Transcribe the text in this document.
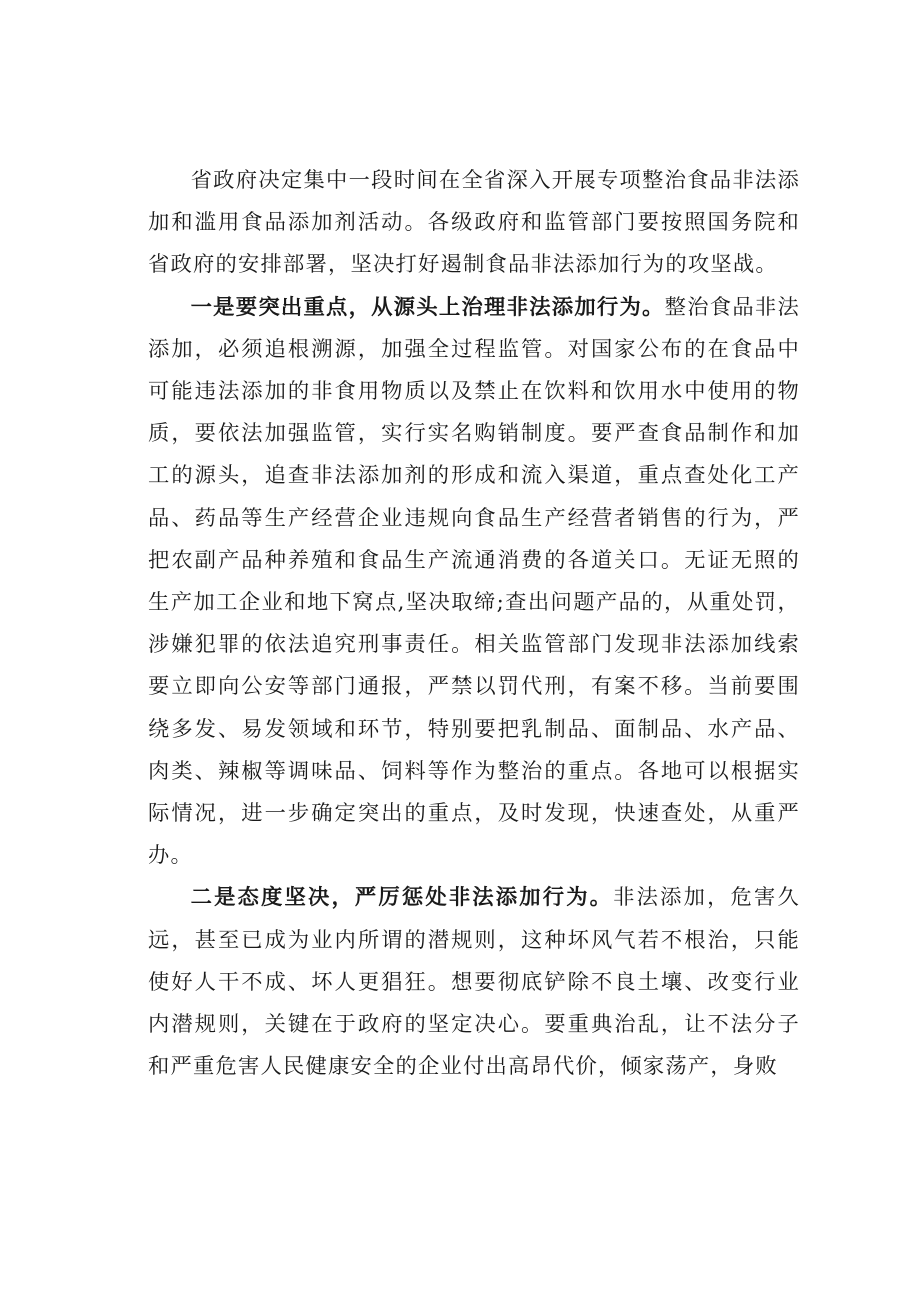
省政府决定集中一段时间在全省深入开展专项整治食品非法添加和滥用食品添加剂活动。各级政府和监管部门要按照国务院和省政府的安排部署，坚决打好遏制食品非法添加行为的攻坚战。

一是要突出重点，从源头上治理非法添加行为。整治食品非法添加，必须追根溯源，加强全过程监管。对国家公布的在食品中可能违法添加的非食用物质以及禁止在饮料和饮用水中使用的物质，要依法加强监管，实行实名购销制度。要严查食品制作和加工的源头，追查非法添加剂的形成和流入渠道，重点查处化工产品、药品等生产经营企业违规向食品生产经营者销售的行为，严把农副产品种养殖和食品生产流通消费的各道关口。无证无照的生产加工企业和地下窝点,坚决取缔;查出问题产品的，从重处罚，涉嫌犯罪的依法追究刑事责任。相关监管部门发现非法添加线索要立即向公安等部门通报，严禁以罚代刑，有案不移。当前要围绕多发、易发领域和环节，特别要把乳制品、面制品、水产品、肉类、辣椒等调味品、饲料等作为整治的重点。各地可以根据实际情况，进一步确定突出的重点，及时发现，快速查处，从重严办。

二是态度坚决，严厉惩处非法添加行为。非法添加，危害久远，甚至已成为业内所谓的潜规则，这种坏风气若不根治，只能使好人干不成、坏人更猖狂。想要彻底铲除不良土壤、改变行业内潜规则，关键在于政府的坚定决心。要重典治乱，让不法分子和严重危害人民健康安全的企业付出高昂代价，倾家荡产，身败
